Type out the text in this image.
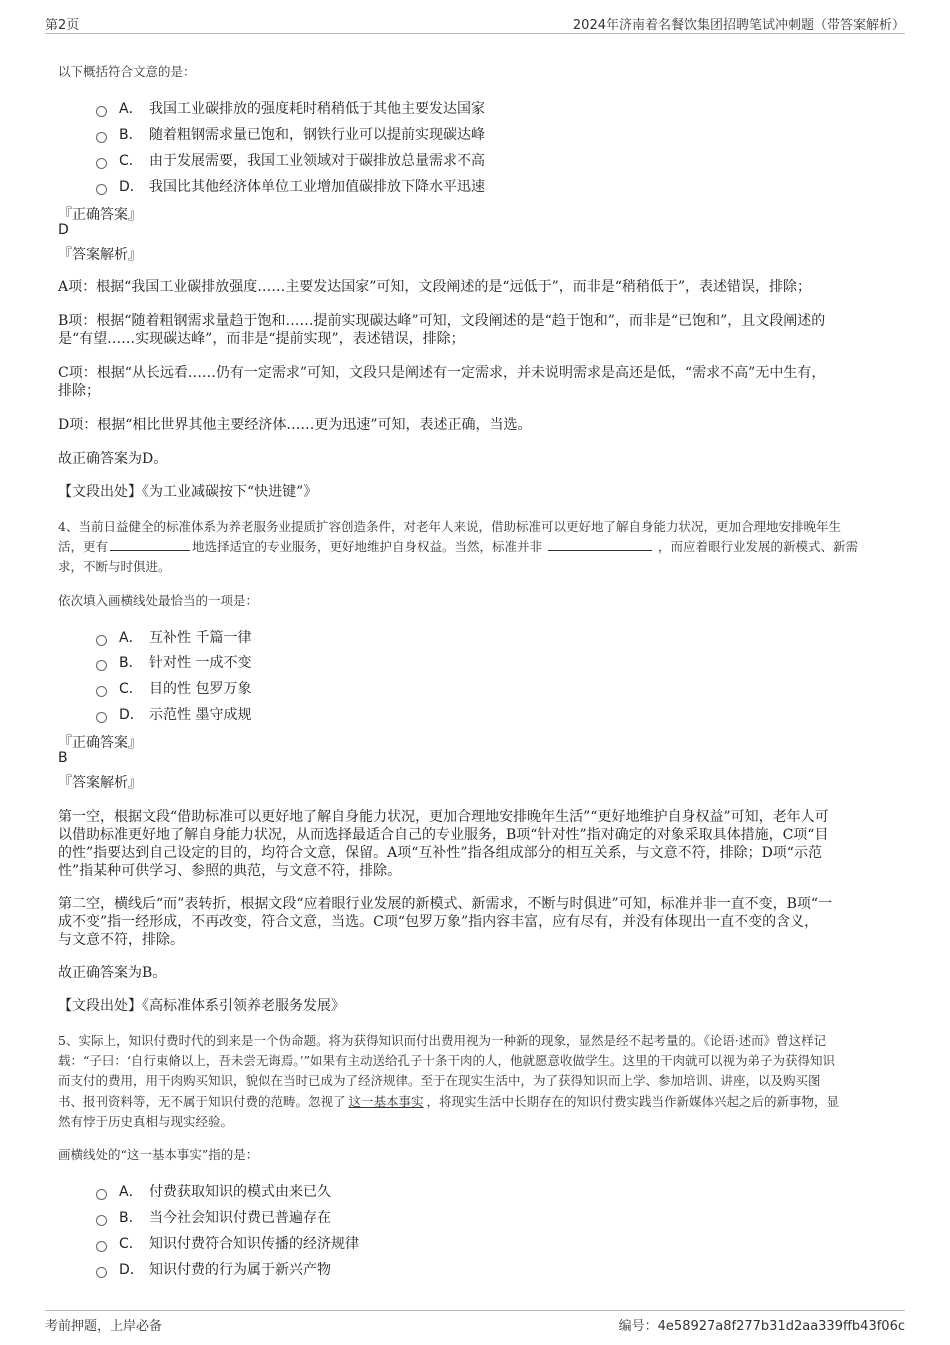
第2页	2024年济南着名餐饮集团招聘笔试冲刺题（带答案解析）
以下概括符合文意的是：
A． 我国工业碳排放的强度耗时稍稍低于其他主要发达国家
B． 随着粗钢需求量已饱和，钢铁行业可以提前实现碳达峰
C． 由于发展需要，我国工业领域对于碳排放总量需求不高
D． 我国比其他经济体单位工业增加值碳排放下降水平迅速
『正确答案』
D
『答案解析』
A项：根据“我国工业碳排放强度……主要发达国家”可知，文段阐述的是“远低于”，而非是“稍稍低于”，表述错误，排除；
B项：根据“随着粗钢需求量趋于饱和……提前实现碳达峰”可知，文段阐述的是“趋于饱和”，而非是“已饱和”，且文段阐述的
是“有望……实现碳达峰”，而非是“提前实现”，表述错误，排除；
C项：根据“从长远看……仍有一定需求”可知，文段只是阐述有一定需求，并未说明需求是高还是低，“需求不高”无中生有，
排除；
D项：根据“相比世界其他主要经济体……更为迅速”可知，表述正确，当选。
故正确答案为D。
【文段出处】《为工业减碳按下“快进键”》
4、当前日益健全的标准体系为养老服务业提质扩容创造条件，对老年人来说，借助标准可以更好地了解自身能力状况，更加合理地安排晚年生
活，更有	地选择适宜的专业服务，更好地维护自身权益。当然，标准并非	，而应着眼行业发展的新模式、新需
求，不断与时俱进。
依次填入画横线处最恰当的一项是：
A． 互补性 千篇一律
B． 针对性 一成不变
C． 目的性 包罗万象
D． 示范性 墨守成规
『正确答案』
B
『答案解析』
第一空，根据文段“借助标准可以更好地了解自身能力状况，更加合理地安排晚年生活”“更好地维护自身权益”可知，老年人可
以借助标准更好地了解自身能力状况，从而选择最适合自己的专业服务，B项“针对性”指对确定的对象采取具体措施，C项“目
的性”指要达到自己设定的目的，均符合文意，保留。A项“互补性”指各组成部分的相互关系，与文意不符，排除；D项“示范
性”指某种可供学习、参照的典范，与文意不符，排除。
第二空，横线后“而”表转折，根据文段“应着眼行业发展的新模式、新需求，不断与时俱进”可知，标准并非一直不变，B项“一
成不变”指一经形成，不再改变，符合文意，当选。C项“包罗万象”指内容丰富，应有尽有，并没有体现出一直不变的含义，
与文意不符，排除。
故正确答案为B。
【文段出处】《高标准体系引领养老服务发展》
5、实际上，知识付费时代的到来是一个伪命题。将为获得知识而付出费用视为一种新的现象，显然是经不起考量的。《论语·述而》曾这样记
载：“子曰：‘自行束脩以上，吾未尝无诲焉。’”如果有主动送给孔子十条干肉的人，他就愿意收做学生。这里的干肉就可以视为弟子为获得知识
而支付的费用，用干肉购买知识，貌似在当时已成为了经济规律。至于在现实生活中，为了获得知识而上学、参加培训、讲座，以及购买图
书、报刊资料等，无不属于知识付费的范畴。忽视了 这一基本事实 ，将现实生活中长期存在的知识付费实践当作新媒体兴起之后的新事物，显
然有悖于历史真相与现实经验。
画横线处的“这一基本事实”指的是：
A． 付费获取知识的模式由来已久
B． 当今社会知识付费已普遍存在
C． 知识付费符合知识传播的经济规律
D． 知识付费的行为属于新兴产物
考前押题，上岸必备	编号：4e58927a8f277b31d2aa339ffb43f06c
